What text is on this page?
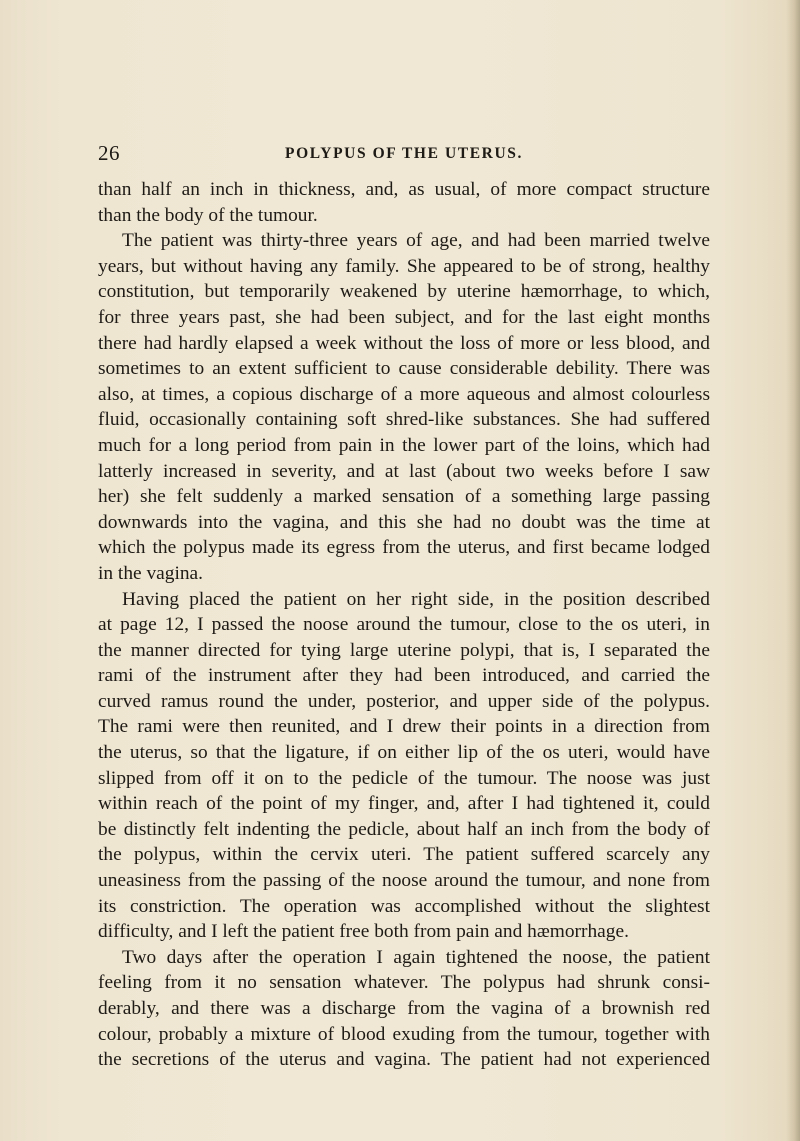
26	POLYPUS OF THE UTERUS.
than half an inch in thickness, and, as usual, of more compact structure
than the body of the tumour.
The patient was thirty-three years of age, and had been married twelve
years, but without having any family. She appeared to be of strong, healthy
constitution, but temporarily weakened by uterine hæmorrhage, to which,
for three years past, she had been subject, and for the last eight months
there had hardly elapsed a week without the loss of more or less blood, and
sometimes to an extent sufficient to cause considerable debility. There was
also, at times, a copious discharge of a more aqueous and almost colourless
fluid, occasionally containing soft shred-like substances. She had suffered
much for a long period from pain in the lower part of the loins, which had
latterly increased in severity, and at last (about two weeks before I saw
her) she felt suddenly a marked sensation of a something large passing
downwards into the vagina, and this she had no doubt was the time at
which the polypus made its egress from the uterus, and first became lodged
in the vagina.
Having placed the patient on her right side, in the position described
at page 12, I passed the noose around the tumour, close to the os uteri, in
the manner directed for tying large uterine polypi, that is, I separated the
rami of the instrument after they had been introduced, and carried the
curved ramus round the under, posterior, and upper side of the polypus.
The rami were then reunited, and I drew their points in a direction from
the uterus, so that the ligature, if on either lip of the os uteri, would have
slipped from off it on to the pedicle of the tumour. The noose was just
within reach of the point of my finger, and, after I had tightened it, could
be distinctly felt indenting the pedicle, about half an inch from the body of
the polypus, within the cervix uteri. The patient suffered scarcely any
uneasiness from the passing of the noose around the tumour, and none from
its constriction. The operation was accomplished without the slightest
difficulty, and I left the patient free both from pain and hæmorrhage.
Two days after the operation I again tightened the noose, the patient
feeling from it no sensation whatever. The polypus had shrunk consi-
derably, and there was a discharge from the vagina of a brownish red
colour, probably a mixture of blood exuding from the tumour, together with
the secretions of the uterus and vagina. The patient had not experienced
